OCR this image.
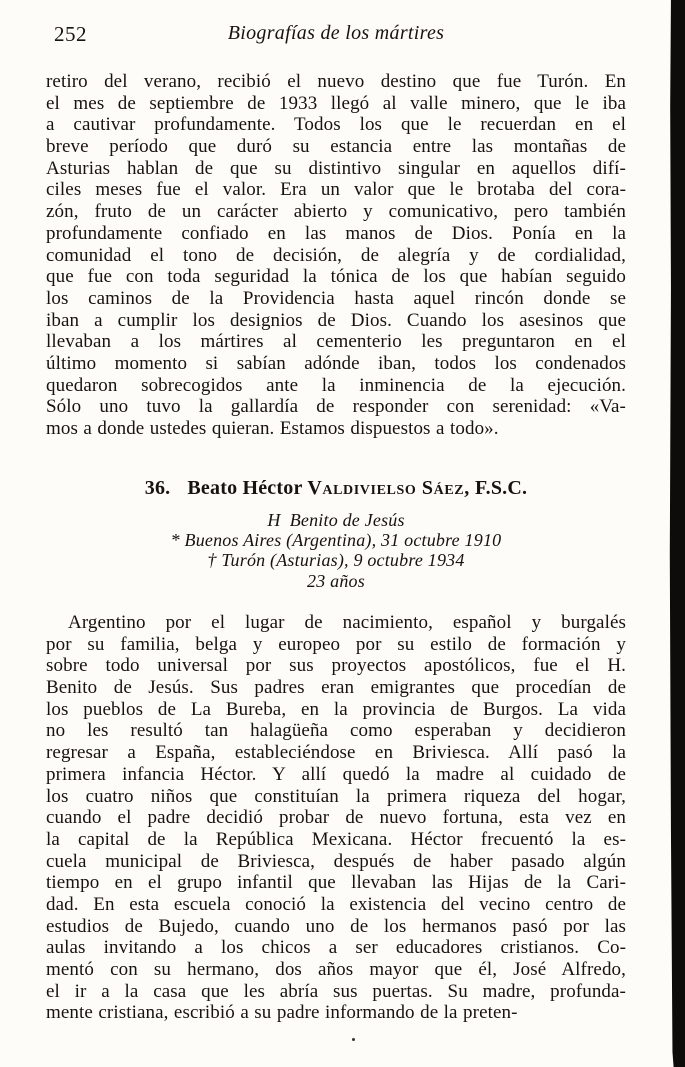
252	Biografías de los mártires
retiro del verano, recibió el nuevo destino que fue Turón. En
el mes de septiembre de 1933 llegó al valle minero, que le iba
a cautivar profundamente. Todos los que le recuerdan en el
breve período que duró su estancia entre las montañas de
Asturias hablan de que su distintivo singular en aquellos difí-
ciles meses fue el valor. Era un valor que le brotaba del cora-
zón, fruto de un carácter abierto y comunicativo, pero también
profundamente confiado en las manos de Dios. Ponía en la
comunidad el tono de decisión, de alegría y de cordialidad,
que fue con toda seguridad la tónica de los que habían seguido
los caminos de la Providencia hasta aquel rincón donde se
iban a cumplir los designios de Dios. Cuando los asesinos que
llevaban a los mártires al cementerio les preguntaron en el
último momento si sabían adónde iban, todos los condenados
quedaron sobrecogidos ante la inminencia de la ejecución.
Sólo uno tuvo la gallardía de responder con serenidad: «Va-
mos a donde ustedes quieran. Estamos dispuestos a todo».
36. Beato Héctor Valdivielso Sáez, F.S.C.
H Benito de Jesús
* Buenos Aires (Argentina), 31 octubre 1910
† Turón (Asturias), 9 octubre 1934
23 años
Argentino por el lugar de nacimiento, español y burgalés
por su familia, belga y europeo por su estilo de formación y
sobre todo universal por sus proyectos apostólicos, fue el H.
Benito de Jesús. Sus padres eran emigrantes que procedían de
los pueblos de La Bureba, en la provincia de Burgos. La vida
no les resultó tan halagüeña como esperaban y decidieron
regresar a España, estableciéndose en Briviesca. Allí pasó la
primera infancia Héctor. Y allí quedó la madre al cuidado de
los cuatro niños que constituían la primera riqueza del hogar,
cuando el padre decidió probar de nuevo fortuna, esta vez en
la capital de la República Mexicana. Héctor frecuentó la es-
cuela municipal de Briviesca, después de haber pasado algún
tiempo en el grupo infantil que llevaban las Hijas de la Cari-
dad. En esta escuela conoció la existencia del vecino centro de
estudios de Bujedo, cuando uno de los hermanos pasó por las
aulas invitando a los chicos a ser educadores cristianos. Co-
mentó con su hermano, dos años mayor que él, José Alfredo,
el ir a la casa que les abría sus puertas. Su madre, profunda-
mente cristiana, escribió a su padre informando de la preten-
